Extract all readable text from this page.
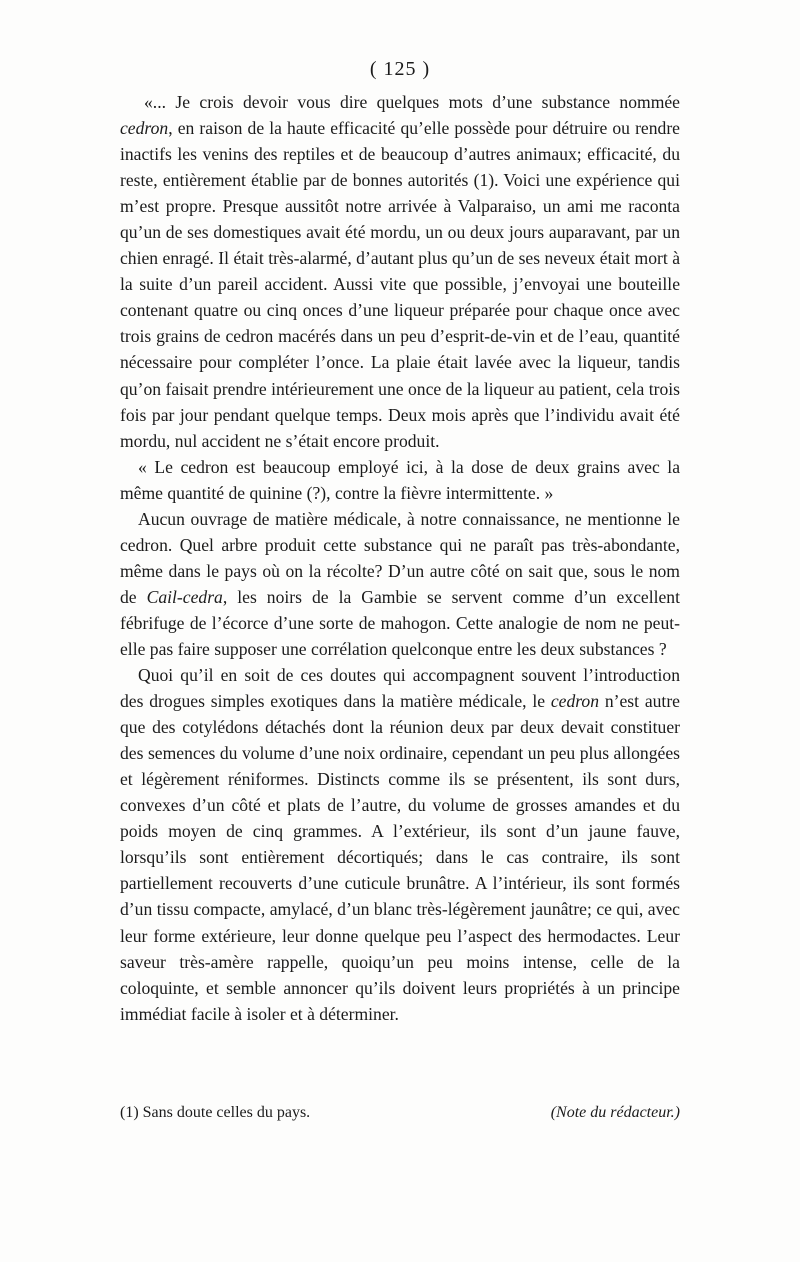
( 125 )

«... Je crois devoir vous dire quelques mots d’une substance nommée cedron, en raison de la haute efficacité qu’elle possède pour détruire ou rendre inactifs les venins des reptiles et de beaucoup d’autres animaux; efficacité, du reste, entièrement établie par de bonnes autorités (1). Voici une expérience qui m’est propre. Presque aussitôt notre arrivée à Valparaiso, un ami me raconta qu’un de ses domestiques avait été mordu, un ou deux jours auparavant, par un chien enragé. Il était très-alarmé, d’autant plus qu’un de ses neveux était mort à la suite d’un pareil accident. Aussi vite que possible, j’envoyai une bouteille contenant quatre ou cinq onces d’une liqueur préparée pour chaque once avec trois grains de cedron macérés dans un peu d’esprit-de-vin et de l’eau, quantité nécessaire pour compléter l’once. La plaie était lavée avec la liqueur, tandis qu’on faisait prendre intérieurement une once de la liqueur au patient, cela trois fois par jour pendant quelque temps. Deux mois après que l’individu avait été mordu, nul accident ne s’était encore produit.

« Le cedron est beaucoup employé ici, à la dose de deux grains avec la même quantité de quinine (?), contre la fièvre intermittente. »

Aucun ouvrage de matière médicale, à notre connaissance, ne mentionne le cedron. Quel arbre produit cette substance qui ne paraît pas très-abondante, même dans le pays où on la récolte? D’un autre côté on sait que, sous le nom de Cail-cedra, les noirs de la Gambie se servent comme d’un excellent fébrifuge de l’écorce d’une sorte de mahogon. Cette analogie de nom ne peut-elle pas faire supposer une corrélation quelconque entre les deux substances ?

Quoi qu’il en soit de ces doutes qui accompagnent souvent l’introduction des drogues simples exotiques dans la matière médicale, le cedron n’est autre que des cotylédons détachés dont la réunion deux par deux devait constituer des semences du volume d’une noix ordinaire, cependant un peu plus allongées et légèrement réniformes. Distincts comme ils se présentent, ils sont durs, convexes d’un côté et plats de l’autre, du volume de grosses amandes et du poids moyen de cinq grammes. A l’extérieur, ils sont d’un jaune fauve, lorsqu’ils sont entièrement décortiqués; dans le cas contraire, ils sont partiellement recouverts d’une cuticule brunâtre. A l’intérieur, ils sont formés d’un tissu compacte, amylacé, d’un blanc très-légèrement jaunâtre; ce qui, avec leur forme extérieure, leur donne quelque peu l’aspect des hermodactes. Leur saveur très-amère rappelle, quoiqu’un peu moins intense, celle de la coloquinte, et semble annoncer qu’ils doivent leurs propriétés à un principe immédiat facile à isoler et à déterminer.

(1) Sans doute celles du pays.	(Note du rédacteur.)
